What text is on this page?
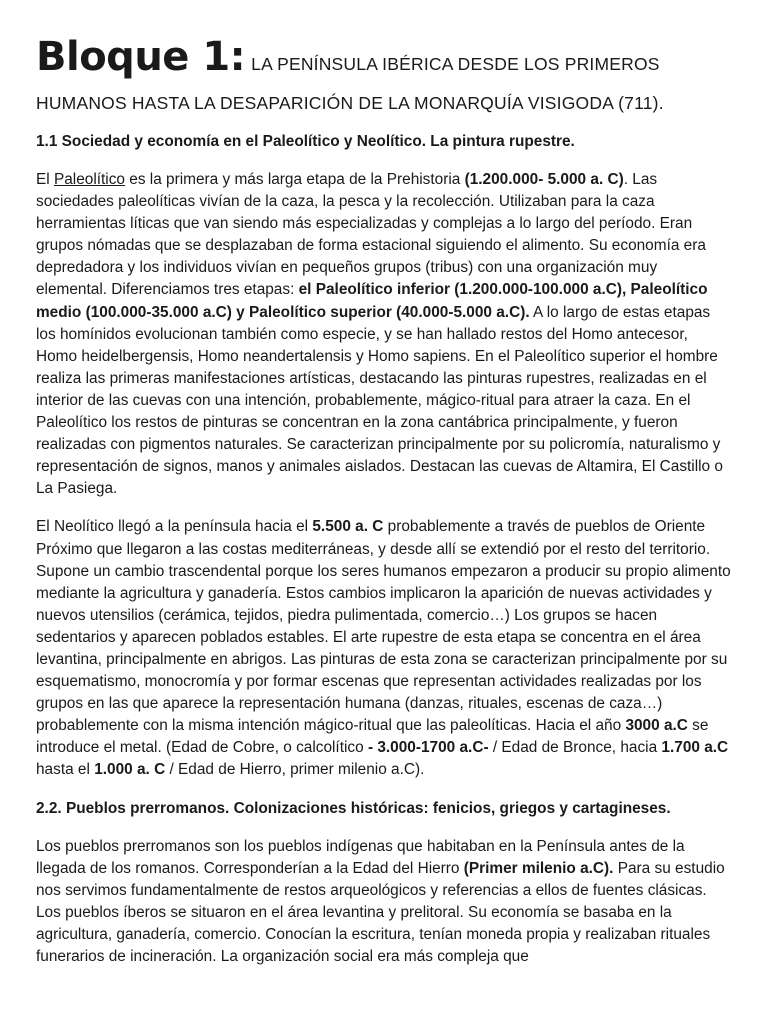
Bloque 1: LA PENÍNSULA IBÉRICA DESDE LOS PRIMEROS

HUMANOS HASTA LA DESAPARICIÓN DE LA MONARQUÍA VISIGODA (711).

1.1 Sociedad y economía en el Paleolítico y Neolítico. La pintura rupestre.

El Paleolítico es la primera y más larga etapa de la Prehistoria (1.200.000- 5.000 a. C). Las sociedades paleolíticas vivían de la caza, la pesca y la recolección. Utilizaban para la caza herramientas líticas que van siendo más especializadas y complejas a lo largo del período. Eran grupos nómadas que se desplazaban de forma estacional siguiendo el alimento. Su economía era depredadora y los individuos vivían en pequeños grupos (tribus) con una organización muy elemental. Diferenciamos tres etapas: el Paleolítico inferior (1.200.000-100.000 a.C), Paleolítico medio (100.000-35.000 a.C) y Paleolítico superior (40.000-5.000 a.C). A lo largo de estas etapas los homínidos evolucionan también como especie, y se han hallado restos del Homo antecesor, Homo heidelbergensis, Homo neandertalensis y Homo sapiens. En el Paleolítico superior el hombre realiza las primeras manifestaciones artísticas, destacando las pinturas rupestres, realizadas en el interior de las cuevas con una intención, probablemente, mágico-ritual para atraer la caza. En el Paleolítico los restos de pinturas se concentran en la zona cantábrica principalmente, y fueron realizadas con pigmentos naturales. Se caracterizan principalmente por su policromía, naturalismo y representación de signos, manos y animales aislados. Destacan las cuevas de Altamira, El Castillo o La Pasiega.

El Neolítico llegó a la península hacia el 5.500 a. C probablemente a través de pueblos de Oriente Próximo que llegaron a las costas mediterráneas, y desde allí se extendió por el resto del territorio. Supone un cambio trascendental porque los seres humanos empezaron a producir su propio alimento mediante la agricultura y ganadería. Estos cambios implicaron la aparición de nuevas actividades y nuevos utensilios (cerámica, tejidos, piedra pulimentada, comercio…) Los grupos se hacen sedentarios y aparecen poblados estables. El arte rupestre de esta etapa se concentra en el área levantina, principalmente en abrigos. Las pinturas de esta zona se caracterizan principalmente por su esquematismo, monocromía y por formar escenas que representan actividades realizadas por los grupos en las que aparece la representación humana (danzas, rituales, escenas de caza…) probablemente con la misma intención mágico-ritual que las paleolíticas. Hacia el año 3000 a.C se introduce el metal. (Edad de Cobre, o calcolítico - 3.000-1700 a.C- / Edad de Bronce, hacia 1.700 a.C hasta el 1.000 a. C / Edad de Hierro, primer milenio a.C).

2.2. Pueblos prerromanos. Colonizaciones históricas: fenicios, griegos y cartagineses.

Los pueblos prerromanos son los pueblos indígenas que habitaban en la Península antes de la llegada de los romanos. Corresponderían a la Edad del Hierro (Primer milenio a.C). Para su estudio nos servimos fundamentalmente de restos arqueológicos y referencias a ellos de fuentes clásicas. Los pueblos íberos se situaron en el área levantina y prelitoral. Su economía se basaba en la agricultura, ganadería, comercio. Conocían la escritura, tenían moneda propia y realizaban rituales funerarios de incineración. La organización social era más compleja que
